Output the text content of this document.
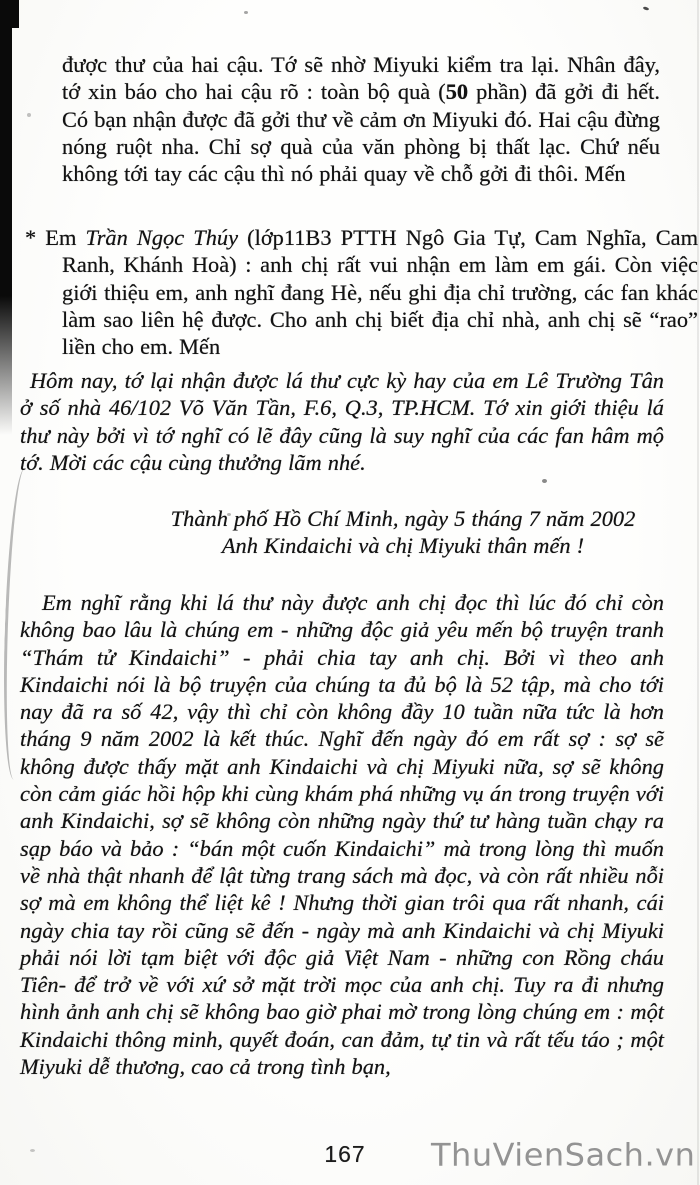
được thư của hai cậu. Tớ sẽ nhờ Miyuki kiểm tra lại. Nhân đây, tớ xin báo cho hai cậu rõ : toàn bộ quà (50 phần) đã gởi đi hết. Có bạn nhận được đã gởi thư về cảm ơn Miyuki đó. Hai cậu đừng nóng ruột nha. Chỉ sợ quà của văn phòng bị thất lạc. Chứ nếu không tới tay các cậu thì nó phải quay về chỗ gởi đi thôi. Mến
* Em Trần Ngọc Thúy (lớp11B3 PTTH Ngô Gia Tự, Cam Nghĩa, Cam Ranh, Khánh Hoà) : anh chị rất vui nhận em làm em gái. Còn việc giới thiệu em, anh nghĩ đang Hè, nếu ghi địa chỉ trường, các fan khác làm sao liên hệ được. Cho anh chị biết địa chỉ nhà, anh chị sẽ “rao” liền cho em. Mến
Hôm nay, tớ lại nhận được lá thư cực kỳ hay của em Lê Trường Tân ở số nhà 46/102 Võ Văn Tần, F.6, Q.3, TP.HCM. Tớ xin giới thiệu lá thư này bởi vì tớ nghĩ có lẽ đây cũng là suy nghĩ của các fan hâm mộ tớ. Mời các cậu cùng thưởng lãm nhé.
Thành phố Hồ Chí Minh, ngày 5 tháng 7 năm 2002
Anh Kindaichi và chị Miyuki thân mến !
Em nghĩ rằng khi lá thư này được anh chị đọc thì lúc đó chỉ còn không bao lâu là chúng em - những độc giả yêu mến bộ truyện tranh “Thám tử Kindaichi” - phải chia tay anh chị. Bởi vì theo anh Kindaichi nói là bộ truyện của chúng ta đủ bộ là 52 tập, mà cho tới nay đã ra số 42, vậy thì chỉ còn không đầy 10 tuần nữa tức là hơn tháng 9 năm 2002 là kết thúc. Nghĩ đến ngày đó em rất sợ : sợ sẽ không được thấy mặt anh Kindaichi và chị Miyuki nữa, sợ sẽ không còn cảm giác hồi hộp khi cùng khám phá những vụ án trong truyện với anh Kindaichi, sợ sẽ không còn những ngày thứ tư hàng tuần chạy ra sạp báo và bảo : “bán một cuốn Kindaichi” mà trong lòng thì muốn về nhà thật nhanh để lật từng trang sách mà đọc, và còn rất nhiều nỗi sợ mà em không thể liệt kê ! Nhưng thời gian trôi qua rất nhanh, cái ngày chia tay rồi cũng sẽ đến - ngày mà anh Kindaichi và chị Miyuki phải nói lời tạm biệt với độc giả Việt Nam - những con Rồng cháu Tiên- để trở về với xứ sở mặt trời mọc của anh chị. Tuy ra đi nhưng hình ảnh anh chị sẽ không bao giờ phai mờ trong lòng chúng em : một Kindaichi thông minh, quyết đoán, can đảm, tự tin và rất tếu táo ; một Miyuki dễ thương, cao cả trong tình bạn,
167	ThuVienSach.vn
